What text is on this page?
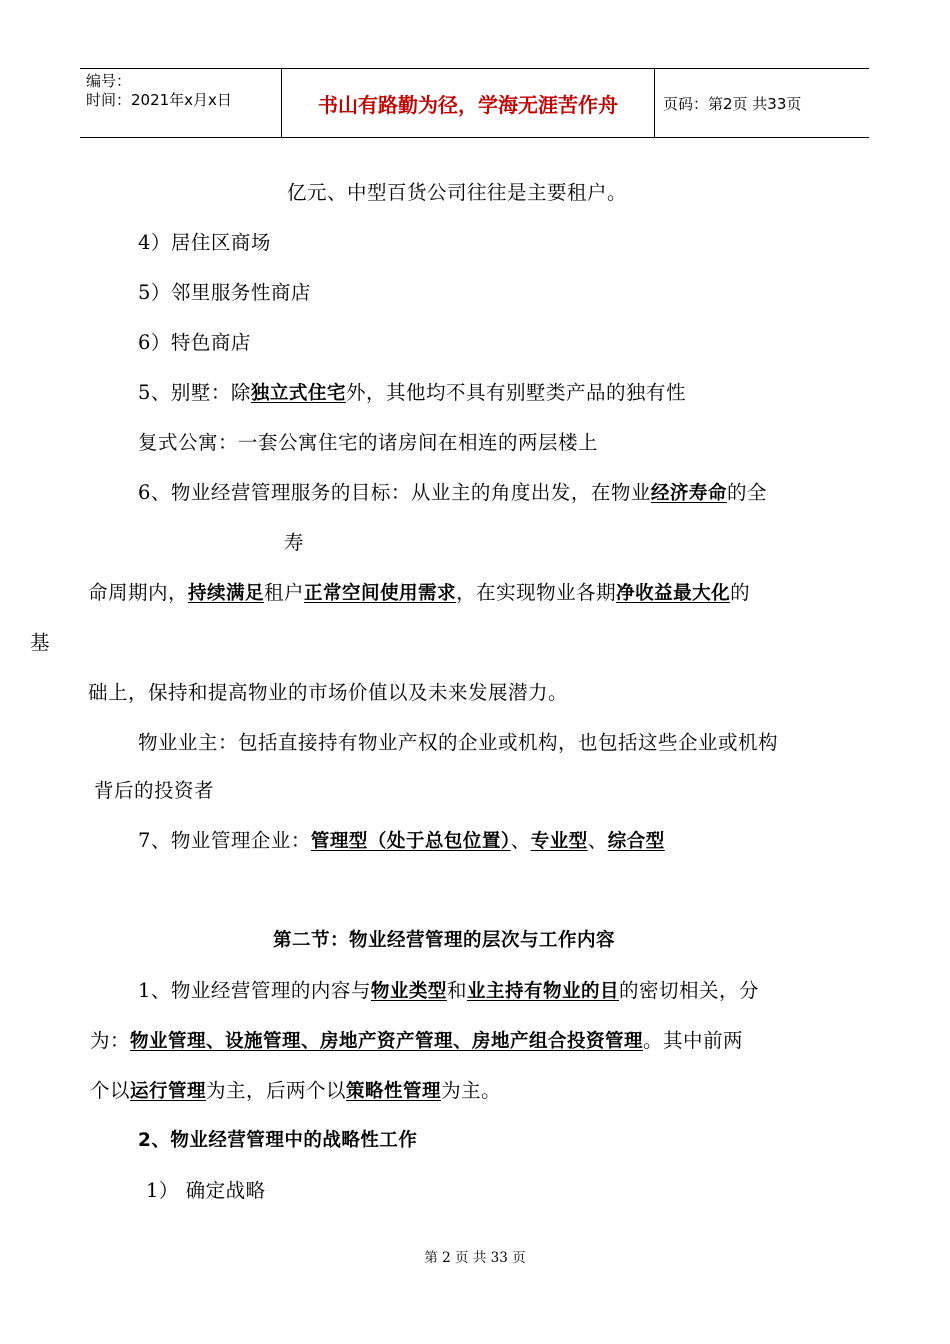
编号：
时间：2021年x月x日	书山有路勤为径，学海无涯苦作舟	页码：第2页 共33页
亿元、中型百货公司往往是主要租户。
4）居住区商场
5）邻里服务性商店
6）特色商店
5、别墅：除独立式住宅外，其他均不具有别墅类产品的独有性
复式公寓：一套公寓住宅的诸房间在相连的两层楼上
6、物业经营管理服务的目标：从业主的角度出发，在物业经济寿命的全
寿
命周期内，持续满足租户正常空间使用需求，在实现物业各期净收益最大化的
基
础上，保持和提高物业的市场价值以及未来发展潜力。
物业业主：包括直接持有物业产权的企业或机构，也包括这些企业或机构
背后的投资者
7、物业管理企业：管理型（处于总包位置）、专业型、综合型
第二节：物业经营管理的层次与工作内容
1、物业经营管理的内容与物业类型和业主持有物业的目的密切相关，分
为：物业管理、设施管理、房地产资产管理、房地产组合投资管理。其中前两
个以运行管理为主，后两个以策略性管理为主。
2、物业经营管理中的战略性工作
1） 确定战略
第 2 页 共 33 页
